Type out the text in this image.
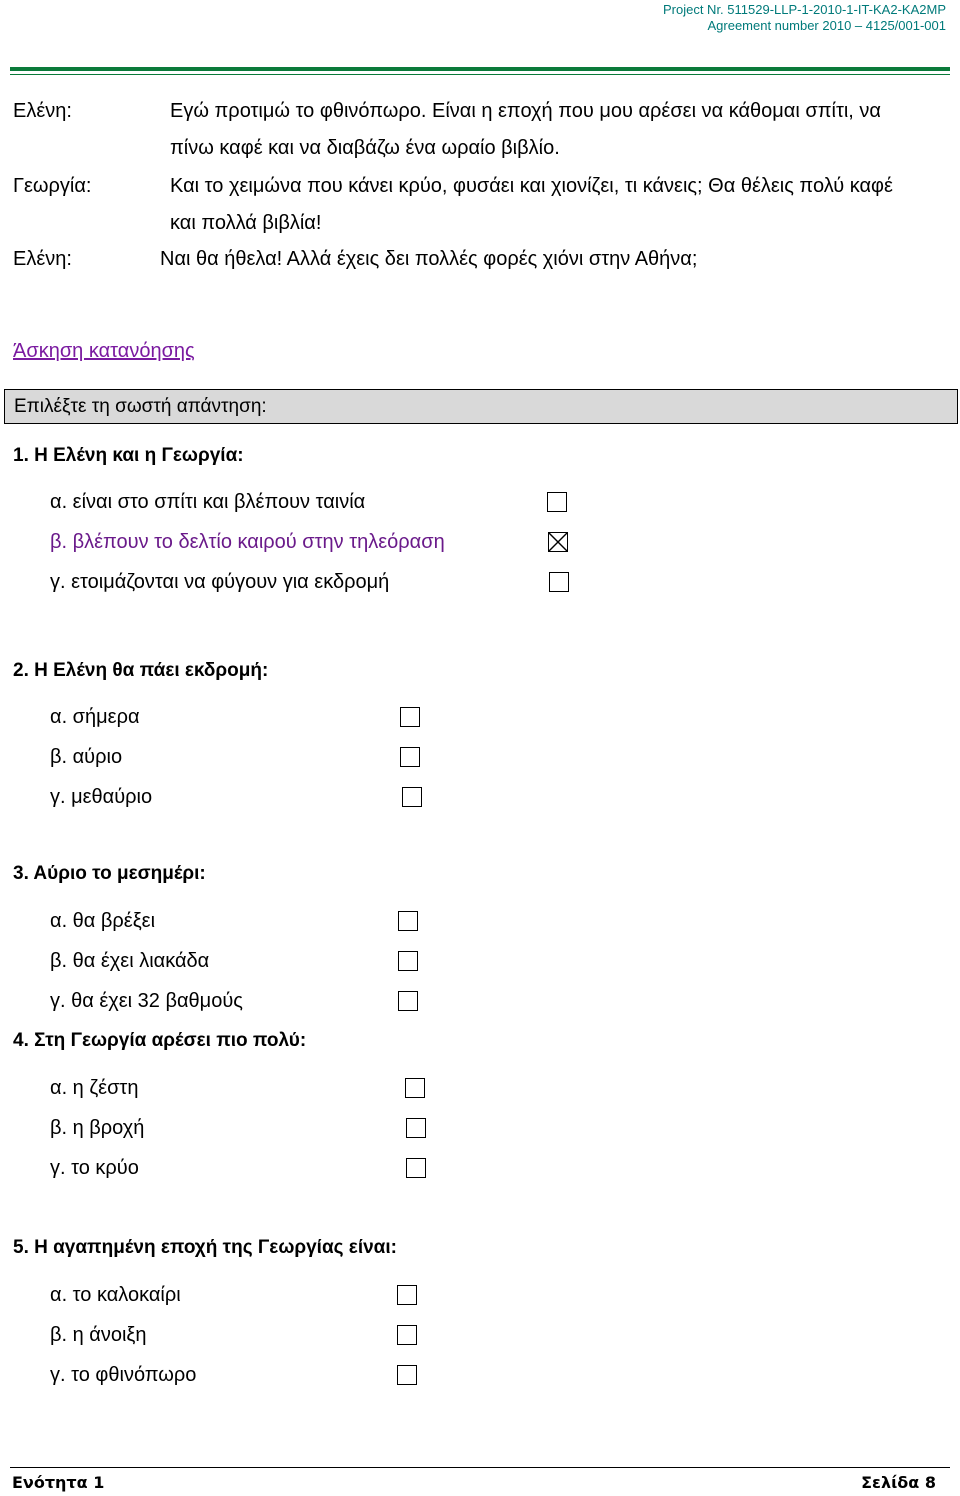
Project Nr. 511529-LLP-1-2010-1-IT-KA2-KA2MP
Agreement number 2010 – 4125/001-001
Ελένη:	Εγώ προτιμώ το φθινόπωρο. Είναι η εποχή που μου αρέσει να κάθομαι σπίτι, να
πίνω καφέ και να διαβάζω ένα ωραίο βιβλίο.
Γεωργία:	Και το χειμώνα που κάνει κρύο, φυσάει και χιονίζει, τι κάνεις; Θα θέλεις πολύ καφέ
και πολλά βιβλία!
Ελένη:	Ναι θα ήθελα! Αλλά έχεις δει πολλές φορές χιόνι στην Αθήνα;
Άσκηση κατανόησης
Επιλέξτε τη σωστή απάντηση:
1. Η Ελένη και η Γεωργία:
α. είναι στο σπίτι και βλέπουν ταινία
β. βλέπουν το δελτίο καιρού στην τηλεόραση
γ. ετοιμάζονται να φύγουν για εκδρομή
2. Η Ελένη θα πάει εκδρομή:
α. σήμερα
β. αύριο
γ. μεθαύριο
3. Αύριο το μεσημέρι:
α. θα βρέξει
β. θα έχει λιακάδα
γ. θα έχει 32 βαθμούς
4. Στη Γεωργία αρέσει πιο πολύ:
α. η ζέστη
β. η βροχή
γ. το κρύο
5. Η αγαπημένη εποχή της Γεωργίας είναι:
α. το καλοκαίρι
β. η άνοιξη
γ. το φθινόπωρο
Ενότητα 1	Σελίδα 8
